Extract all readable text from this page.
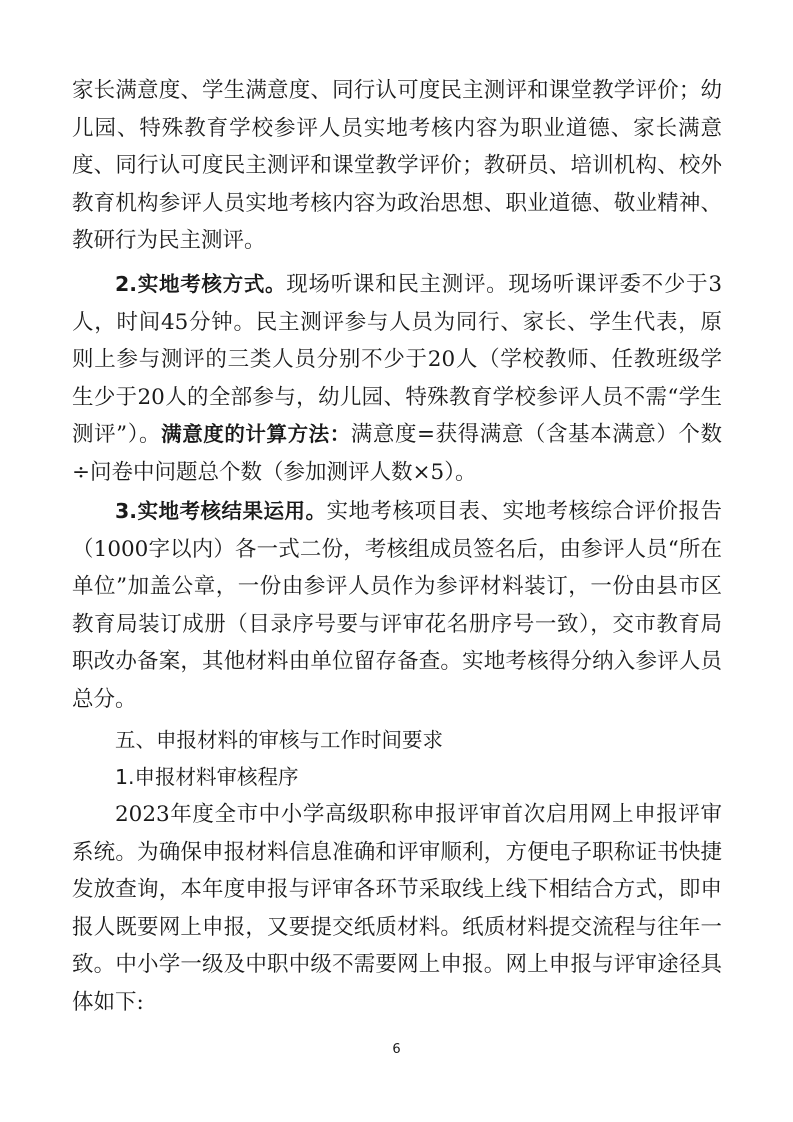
家长满意度、学生满意度、同行认可度民主测评和课堂教学评价；幼儿园、特殊教育学校参评人员实地考核内容为职业道德、家长满意度、同行认可度民主测评和课堂教学评价；教研员、培训机构、校外教育机构参评人员实地考核内容为政治思想、职业道德、敬业精神、教研行为民主测评。

2.实地考核方式。现场听课和民主测评。现场听课评委不少于3人，时间45分钟。民主测评参与人员为同行、家长、学生代表，原则上参与测评的三类人员分别不少于20人（学校教师、任教班级学生少于20人的全部参与，幼儿园、特殊教育学校参评人员不需“学生测评”）。满意度的计算方法：满意度=获得满意（含基本满意）个数÷问卷中问题总个数（参加测评人数×5）。

3.实地考核结果运用。实地考核项目表、实地考核综合评价报告（1000字以内）各一式二份，考核组成员签名后，由参评人员“所在单位”加盖公章，一份由参评人员作为参评材料装订，一份由县市区教育局装订成册（目录序号要与评审花名册序号一致），交市教育局职改办备案，其他材料由单位留存备查。实地考核得分纳入参评人员总分。

五、申报材料的审核与工作时间要求

1.申报材料审核程序

2023年度全市中小学高级职称申报评审首次启用网上申报评审系统。为确保申报材料信息准确和评审顺利，方便电子职称证书快捷发放查询，本年度申报与评审各环节采取线上线下相结合方式，即申报人既要网上申报，又要提交纸质材料。纸质材料提交流程与往年一致。中小学一级及中职中级不需要网上申报。网上申报与评审途径具体如下:

6
